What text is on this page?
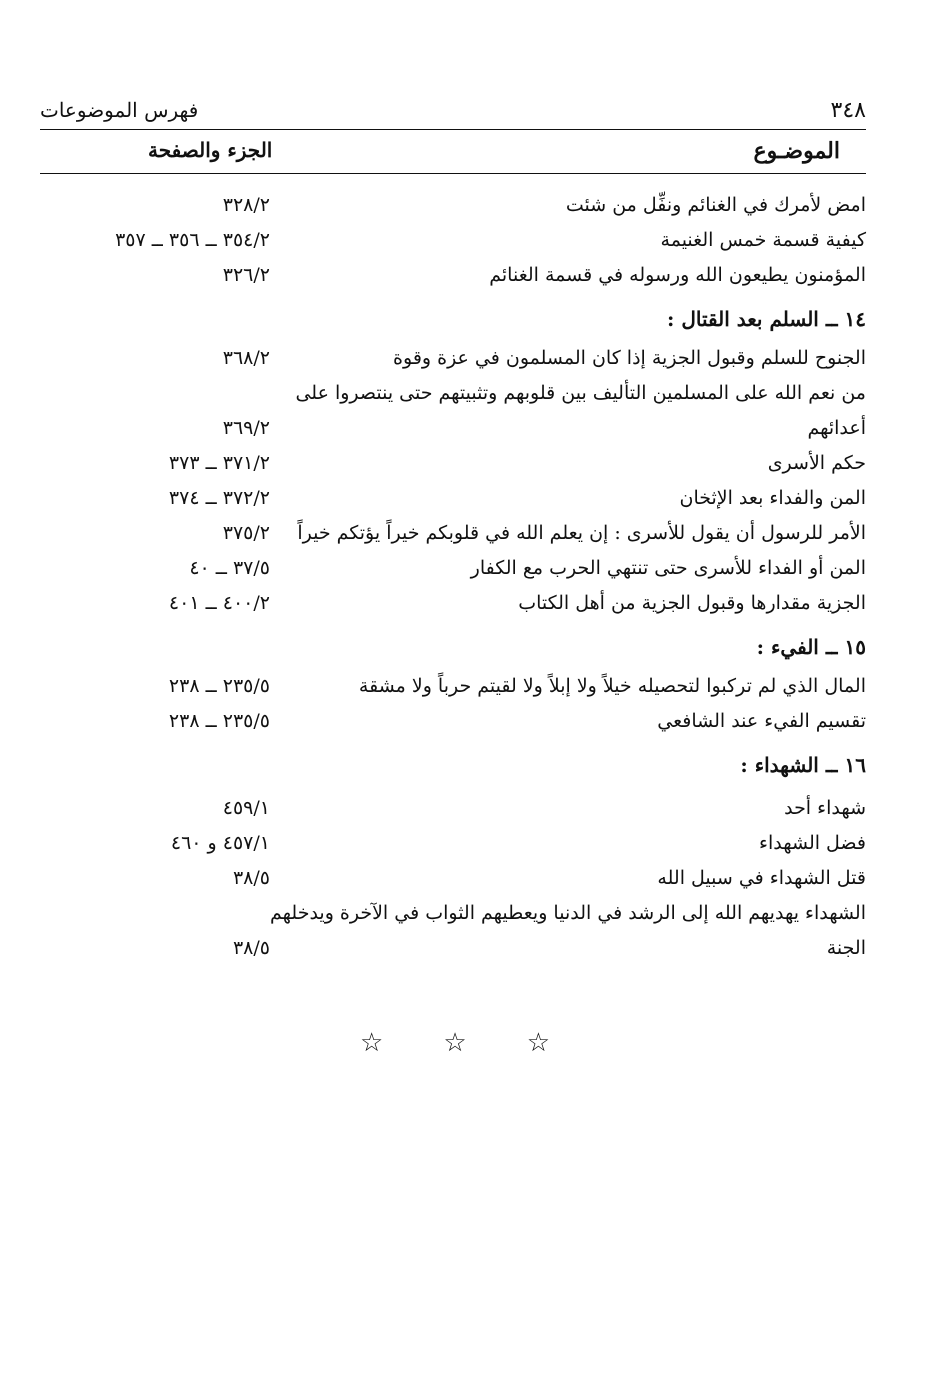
٣٤٨
فهرس الموضوعات
الموضـوع
الجزء والصفحة
امض لأمرك في الغنائم ونفِّل من شئت
٣٢٨/٢
كيفية قسمة خمس الغنيمة
٣٥٤/٢ ــ ٣٥٦ ــ ٣٥٧
المؤمنون يطيعون الله ورسوله في قسمة الغنائم
٣٢٦/٢
١٤ ــ السلم بعد القتال :
الجنوح للسلم وقبول الجزية إذا كان المسلمون في عزة وقوة
٣٦٨/٢
من نعم الله على المسلمين التأليف بين قلوبهم وتثبيتهم حتى ينتصروا على
أعدائهم
٣٦٩/٢
حكم الأسرى
٣٧١/٢ ــ ٣٧٣
المن والفداء بعد الإثخان
٣٧٢/٢ ــ ٣٧٤
الأمر للرسول أن يقول للأسرى : إن يعلم الله في قلوبكم خيراً يؤتكم خيراً
٣٧٥/٢
المن أو الفداء للأسرى حتى تنتهي الحرب مع الكفار
٣٧/٥ ــ ٤٠
الجزية مقدارها وقبول الجزية من أهل الكتاب
٤٠٠/٢ ــ ٤٠١
١٥ ــ الفيء :
المال الذي لم تركبوا لتحصيله خيلاً ولا إبلاً ولا لقيتم حرباً ولا مشقة
٢٣٥/٥ ــ ٢٣٨
تقسيم الفيء عند الشافعي
٢٣٥/٥ ــ ٢٣٨
١٦ ــ الشهداء :
شهداء أحد
٤٥٩/١
فضل الشهداء
٤٥٧/١ و ٤٦٠
قتل الشهداء في سبيل الله
٣٨/٥
الشهداء يهديهم الله إلى الرشد في الدنيا ويعطيهم الثواب في الآخرة ويدخلهم
الجنة
٣٨/٥
☆ ☆ ☆
